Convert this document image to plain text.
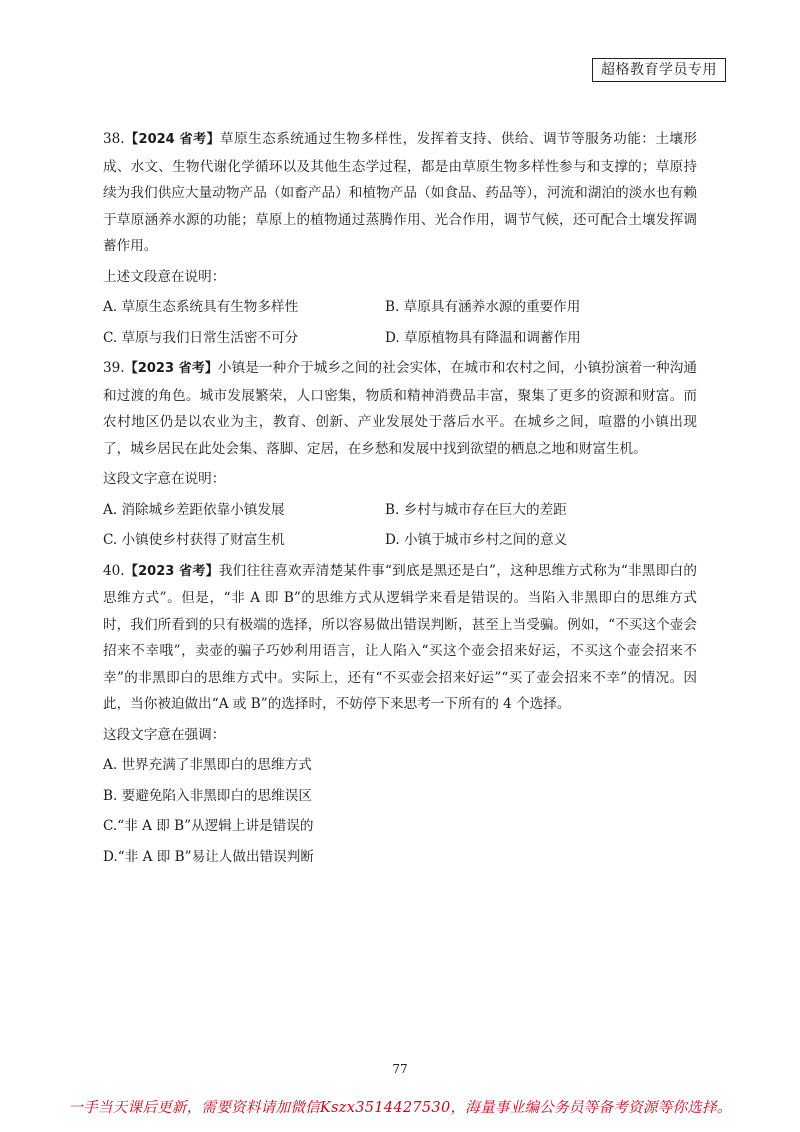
超格教育学员专用

38.【2024 省考】草原生态系统通过生物多样性，发挥着支持、供给、调节等服务功能：土壤形成、水文、生物代谢化学循环以及其他生态学过程，都是由草原生物多样性参与和支撑的；草原持续为我们供应大量动物产品（如畜产品）和植物产品（如食品、药品等），河流和湖泊的淡水也有赖于草原涵养水源的功能；草原上的植物通过蒸腾作用、光合作用，调节气候，还可配合土壤发挥调蓄作用。

上述文段意在说明：
A. 草原生态系统具有生物多样性	B. 草原具有涵养水源的重要作用
C. 草原与我们日常生活密不可分	D. 草原植物具有降温和调蓄作用

39.【2023 省考】小镇是一种介于城乡之间的社会实体，在城市和农村之间，小镇扮演着一种沟通和过渡的角色。城市发展繁荣，人口密集，物质和精神消费品丰富，聚集了更多的资源和财富。而农村地区仍是以农业为主，教育、创新、产业发展处于落后水平。在城乡之间，喧嚣的小镇出现了，城乡居民在此处会集、落脚、定居，在乡愁和发展中找到欲望的栖息之地和财富生机。

这段文字意在说明：
A. 消除城乡差距依靠小镇发展	B. 乡村与城市存在巨大的差距
C. 小镇使乡村获得了财富生机	D. 小镇于城市乡村之间的意义

40.【2023 省考】我们往往喜欢弄清楚某件事“到底是黑还是白”，这种思维方式称为“非黑即白的思维方式”。但是，“非 A 即 B”的思维方式从逻辑学来看是错误的。当陷入非黑即白的思维方式时，我们所看到的只有极端的选择，所以容易做出错误判断，甚至上当受骗。例如，“不买这个壶会招来不幸哦”，卖壶的骗子巧妙利用语言，让人陷入“买这个壶会招来好运，不买这个壶会招来不幸”的非黑即白的思维方式中。实际上，还有“不买壶会招来好运”“买了壶会招来不幸”的情况。因此，当你被迫做出“A 或 B”的选择时，不妨停下来思考一下所有的 4 个选择。

这段文字意在强调：
A. 世界充满了非黑即白的思维方式
B. 要避免陷入非黑即白的思维误区
C.“非 A 即 B”从逻辑上讲是错误的
D.“非 A 即 B”易让人做出错误判断
77
一手当天课后更新，需要资料请加微信Kszx3514427530，海量事业编公务员等备考资源等你选择。
